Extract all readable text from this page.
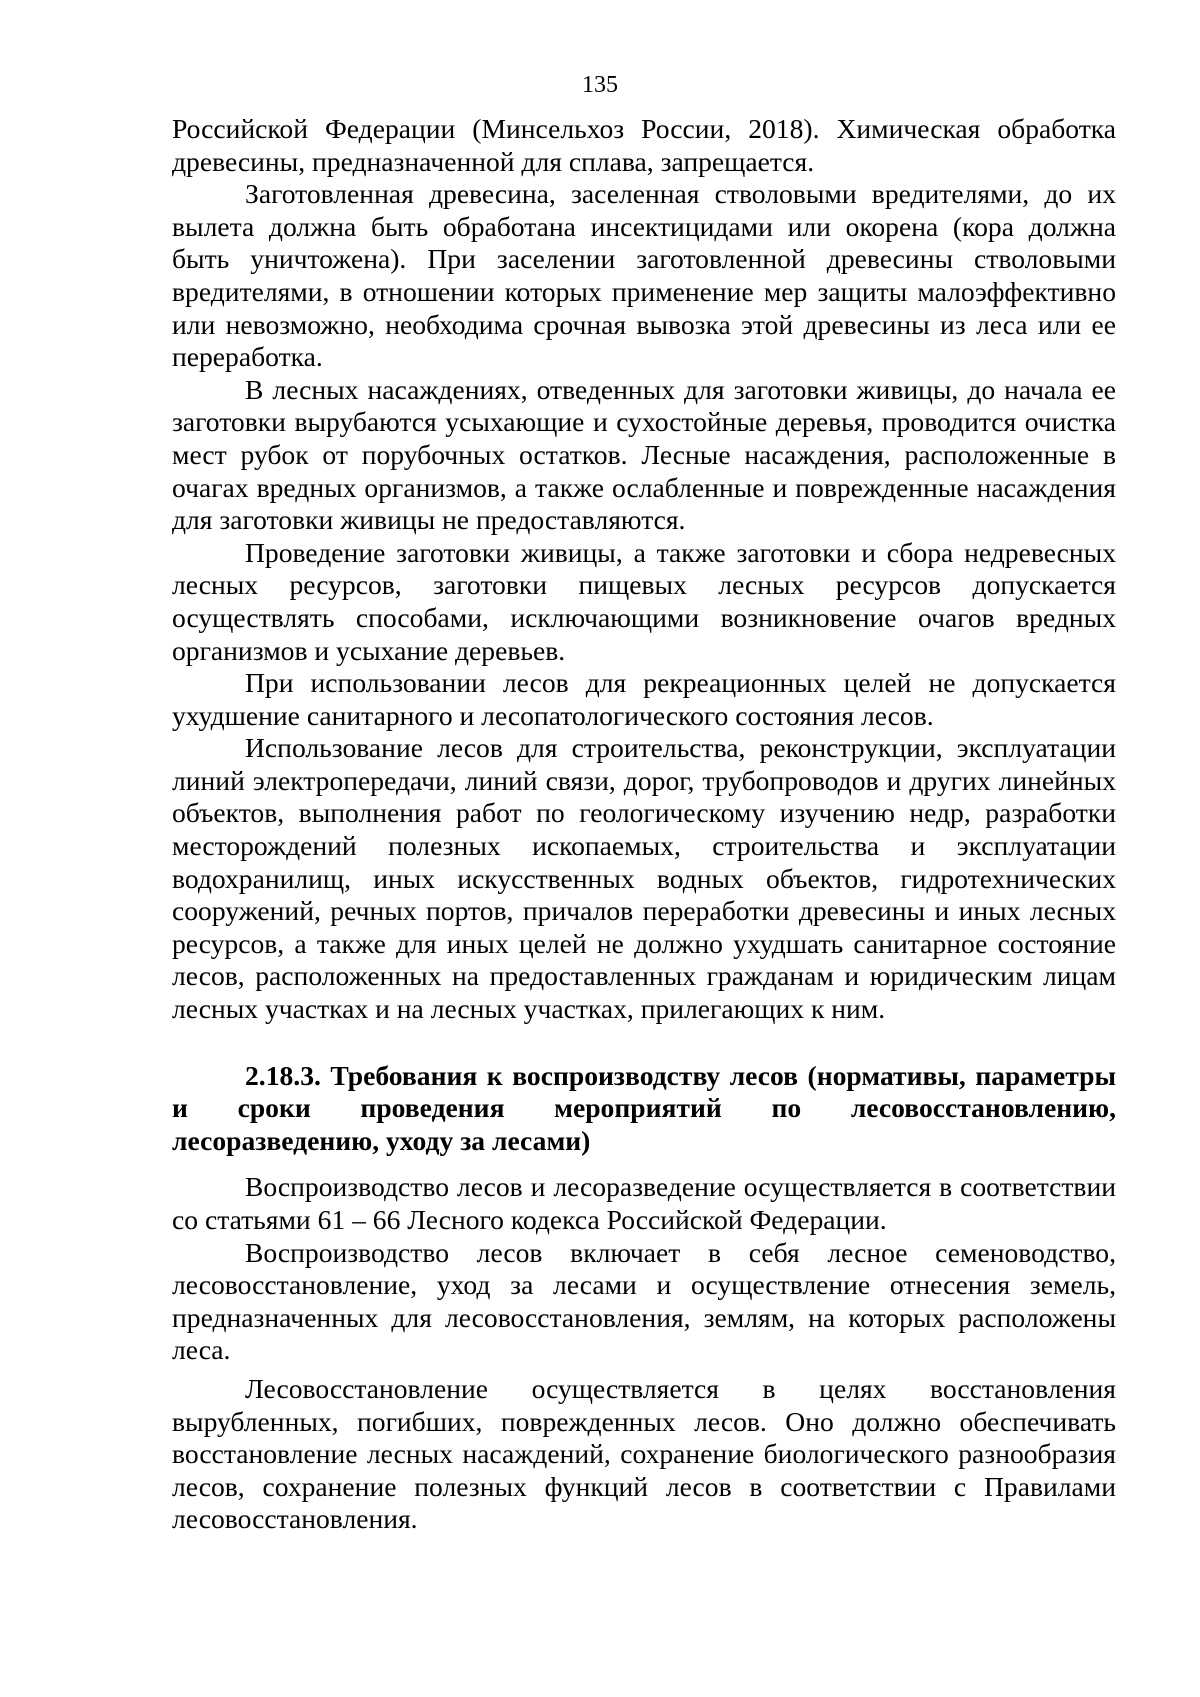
135

Российской Федерации (Минсельхоз России, 2018). Химическая обработка древесины, предназначенной для сплава, запрещается.

Заготовленная древесина, заселенная стволовыми вредителями, до их вылета должна быть обработана инсектицидами или окорена (кора должна быть уничтожена). При заселении заготовленной древесины стволовыми вредителями, в отношении которых применение мер защиты малоэффективно или невозможно, необходима срочная вывозка этой древесины из леса или ее переработка.

В лесных насаждениях, отведенных для заготовки живицы, до начала ее заготовки вырубаются усыхающие и сухостойные деревья, проводится очистка мест рубок от порубочных остатков. Лесные насаждения, расположенные в очагах вредных организмов, а также ослабленные и поврежденные насаждения для заготовки живицы не предоставляются.

Проведение заготовки живицы, а также заготовки и сбора недревесных лесных ресурсов, заготовки пищевых лесных ресурсов допускается осуществлять способами, исключающими возникновение очагов вредных организмов и усыхание деревьев.

При использовании лесов для рекреационных целей не допускается ухудшение санитарного и лесопатологического состояния лесов.

Использование лесов для строительства, реконструкции, эксплуатации линий электропередачи, линий связи, дорог, трубопроводов и других линейных объектов, выполнения работ по геологическому изучению недр, разработки месторождений полезных ископаемых, строительства и эксплуатации водохранилищ, иных искусственных водных объектов, гидротехнических сооружений, речных портов, причалов переработки древесины и иных лесных ресурсов, а также для иных целей не должно ухудшать санитарное состояние лесов, расположенных на предоставленных гражданам и юридическим лицам лесных участках и на лесных участках, прилегающих к ним.

2.18.3. Требования к воспроизводству лесов (нормативы, параметры и сроки проведения мероприятий по лесовосстановлению, лесоразведению, уходу за лесами)

Воспроизводство лесов и лесоразведение осуществляется в соответствии со статьями 61 – 66 Лесного кодекса Российской Федерации.

Воспроизводство лесов включает в себя лесное семеноводство, лесовосстановление, уход за лесами и осуществление отнесения земель, предназначенных для лесовосстановления, землям, на которых расположены леса.

Лесовосстановление осуществляется в целях восстановления вырубленных, погибших, поврежденных лесов. Оно должно обеспечивать восстановление лесных насаждений, сохранение биологического разнообразия лесов, сохранение полезных функций лесов в соответствии с Правилами лесовосстановления.
